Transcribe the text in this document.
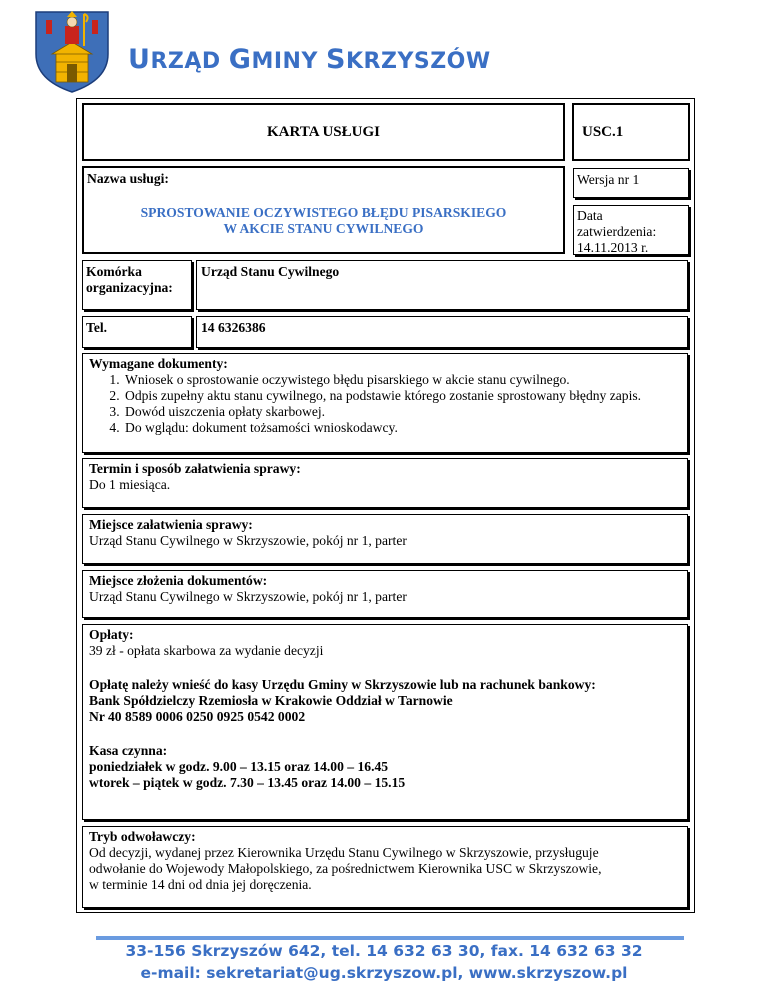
URZĄD GMINY SKRZYSZÓW
KARTA USŁUGI	USC.1
Nazwa usługi:
SPROSTOWANIE OCZYWISTEGO BŁĘDU PISARSKIEGO
W AKCIE STANU CYWILNEGO
Wersja nr 1
Data
zatwierdzenia:
14.11.2013 r.
Komórka
organizacyjna:
Urząd Stanu Cywilnego
Tel.	14 6326386
Wymagane dokumenty:
1. Wniosek o sprostowanie oczywistego błędu pisarskiego w akcie stanu cywilnego.
2. Odpis zupełny aktu stanu cywilnego, na podstawie którego zostanie sprostowany błędny zapis.
3. Dowód uiszczenia opłaty skarbowej.
4. Do wglądu: dokument tożsamości wnioskodawcy.
Termin i sposób załatwienia sprawy:
Do 1 miesiąca.
Miejsce załatwienia sprawy:
Urząd Stanu Cywilnego w Skrzyszowie, pokój nr 1, parter
Miejsce złożenia dokumentów:
Urząd Stanu Cywilnego w Skrzyszowie, pokój nr 1, parter
Opłaty:
39 zł - opłata skarbowa za wydanie decyzji
Opłatę należy wnieść do kasy Urzędu Gminy w Skrzyszowie lub na rachunek bankowy:
Bank Spółdzielczy Rzemiosła w Krakowie Oddział w Tarnowie
Nr 40 8589 0006 0250 0925 0542 0002
Kasa czynna:
poniedziałek w godz. 9.00 – 13.15 oraz 14.00 – 16.45
wtorek – piątek w godz. 7.30 – 13.45 oraz 14.00 – 15.15
Tryb odwoławczy:
Od decyzji, wydanej przez Kierownika Urzędu Stanu Cywilnego w Skrzyszowie, przysługuje
odwołanie do Wojewody Małopolskiego, za pośrednictwem Kierownika USC w Skrzyszowie,
w terminie 14 dni od dnia jej doręczenia.
33-156 Skrzyszów 642, tel. 14 632 63 30, fax. 14 632 63 32
e-mail: sekretariat@ug.skrzyszow.pl, www.skrzyszow.pl
